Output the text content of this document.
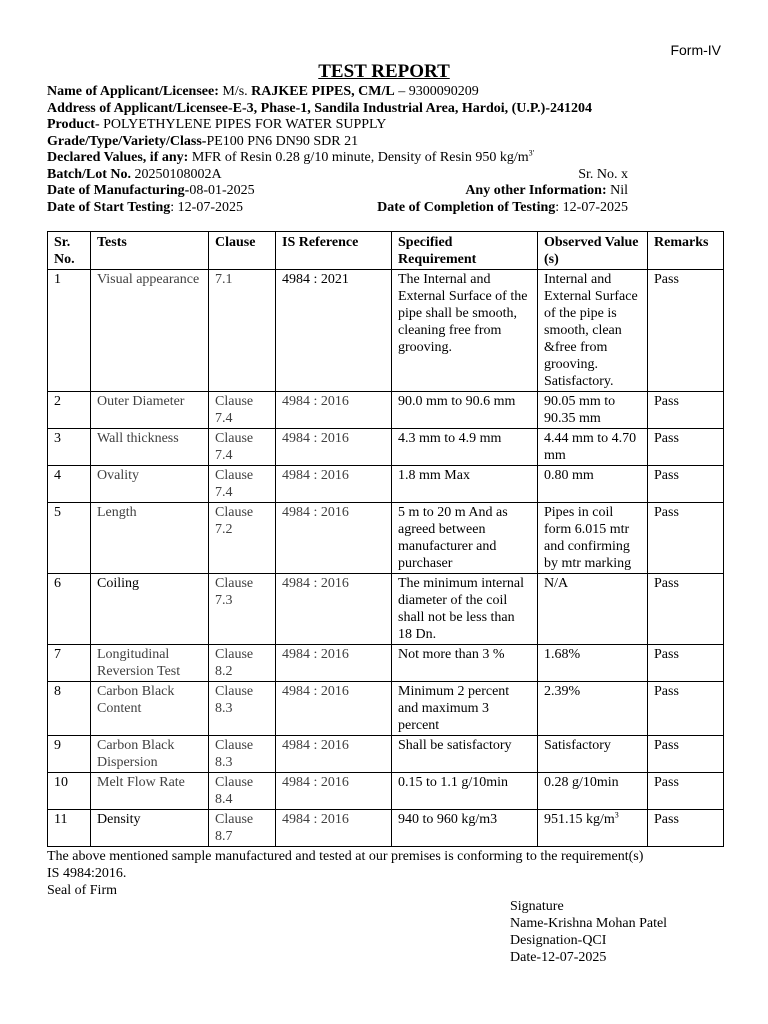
Form-IV
TEST REPORT
Name of Applicant/Licensee: M/s. RAJKEE PIPES, CM/L – 9300090209
Address of Applicant/Licensee-E-3, Phase-1, Sandila Industrial Area, Hardoi, (U.P.)-241204
Product- POLYETHYLENE PIPES FOR WATER SUPPLY
Grade/Type/Variety/Class-PE100 PN6 DN90 SDR 21
Declared Values, if any: MFR of Resin 0.28 g/10 minute, Density of Resin 950 $kg/m^{3'}$
Batch/Lot No. 20250108002A	Sr. No. x
Date of Manufacturing-08-01-2025	Any other Information: Nil
Date of Start Testing: 12-07-2025	Date of Completion of Testing: 12-07-2025
Sr. No.	Tests	Clause	IS Reference	Specified Requirement	Observed Value (s)	Remarks
1	Visual appearance	7.1	4984 : 2021	The Internal and External Surface of the pipe shall be smooth, cleaning free from grooving.	Internal and External Surface of the pipe is smooth, clean &free from grooving. Satisfactory.	Pass
2	Outer Diameter	Clause 7.4	4984 : 2016	90.0 mm to 90.6 mm	90.05 mm to 90.35 mm	Pass
3	Wall thickness	Clause 7.4	4984 : 2016	4.3 mm to 4.9 mm	4.44 mm to 4.70 mm	Pass
4	Ovality	Clause 7.4	4984 : 2016	1.8 mm Max	0.80 mm	Pass
5	Length	Clause 7.2	4984 : 2016	5 m to 20 m And as agreed between manufacturer and purchaser	Pipes in coil form 6.015 mtr and confirming by mtr marking	Pass
6	Coiling	Clause 7.3	4984 : 2016	The minimum internal diameter of the coil shall not be less than 18 Dn.	N/A	Pass
7	Longitudinal Reversion Test	Clause 8.2	4984 : 2016	Not more than 3 %	1.68%	Pass
8	Carbon Black Content	Clause 8.3	4984 : 2016	Minimum 2 percent and maximum 3 percent	2.39%	Pass
9	Carbon Black Dispersion	Clause 8.3	4984 : 2016	Shall be satisfactory	Satisfactory	Pass
10	Melt Flow Rate	Clause 8.4	4984 : 2016	0.15 to 1.1 g/10min	0.28 g/10min	Pass
11	Density	Clause 8.7	4984 : 2016	940 to 960 kg/m3	951.15 $kg/m^3$	Pass
The above mentioned sample manufactured and tested at our premises is conforming to the requirement(s)
IS 4984:2016.
Seal of Firm
Signature
Name-Krishna Mohan Patel
Designation-QCI
Date-12-07-2025
